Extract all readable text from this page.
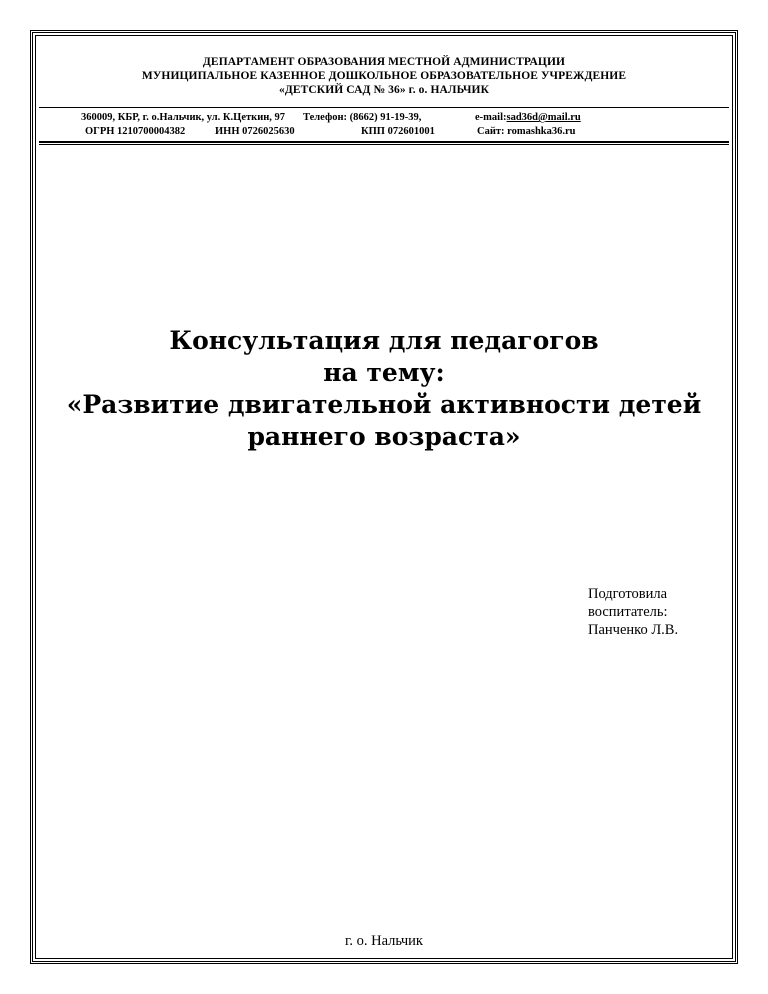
ДЕПАРТАМЕНТ ОБРАЗОВАНИЯ МЕСТНОЙ АДМИНИСТРАЦИИ
МУНИЦИПАЛЬНОЕ КАЗЕННОЕ ДОШКОЛЬНОЕ ОБРАЗОВАТЕЛЬНОЕ УЧРЕЖДЕНИЕ
«ДЕТСКИЙ САД № 36» г. о. НАЛЬЧИК
360009, КБР, г. о.Нальчик, ул. К.Цеткин, 97	Телефон: (8662) 91-19-39,	e-mail:sad36d@mail.ru
ОГРН 1210700004382	ИНН 0726025630	КПП 072601001	Сайт: romashka36.ru
Консультация для педагогов
на тему:
«Развитие двигательной активности детей
раннего возраста»
Подготовила
воспитатель:
Панченко Л.В.
г. о. Нальчик
